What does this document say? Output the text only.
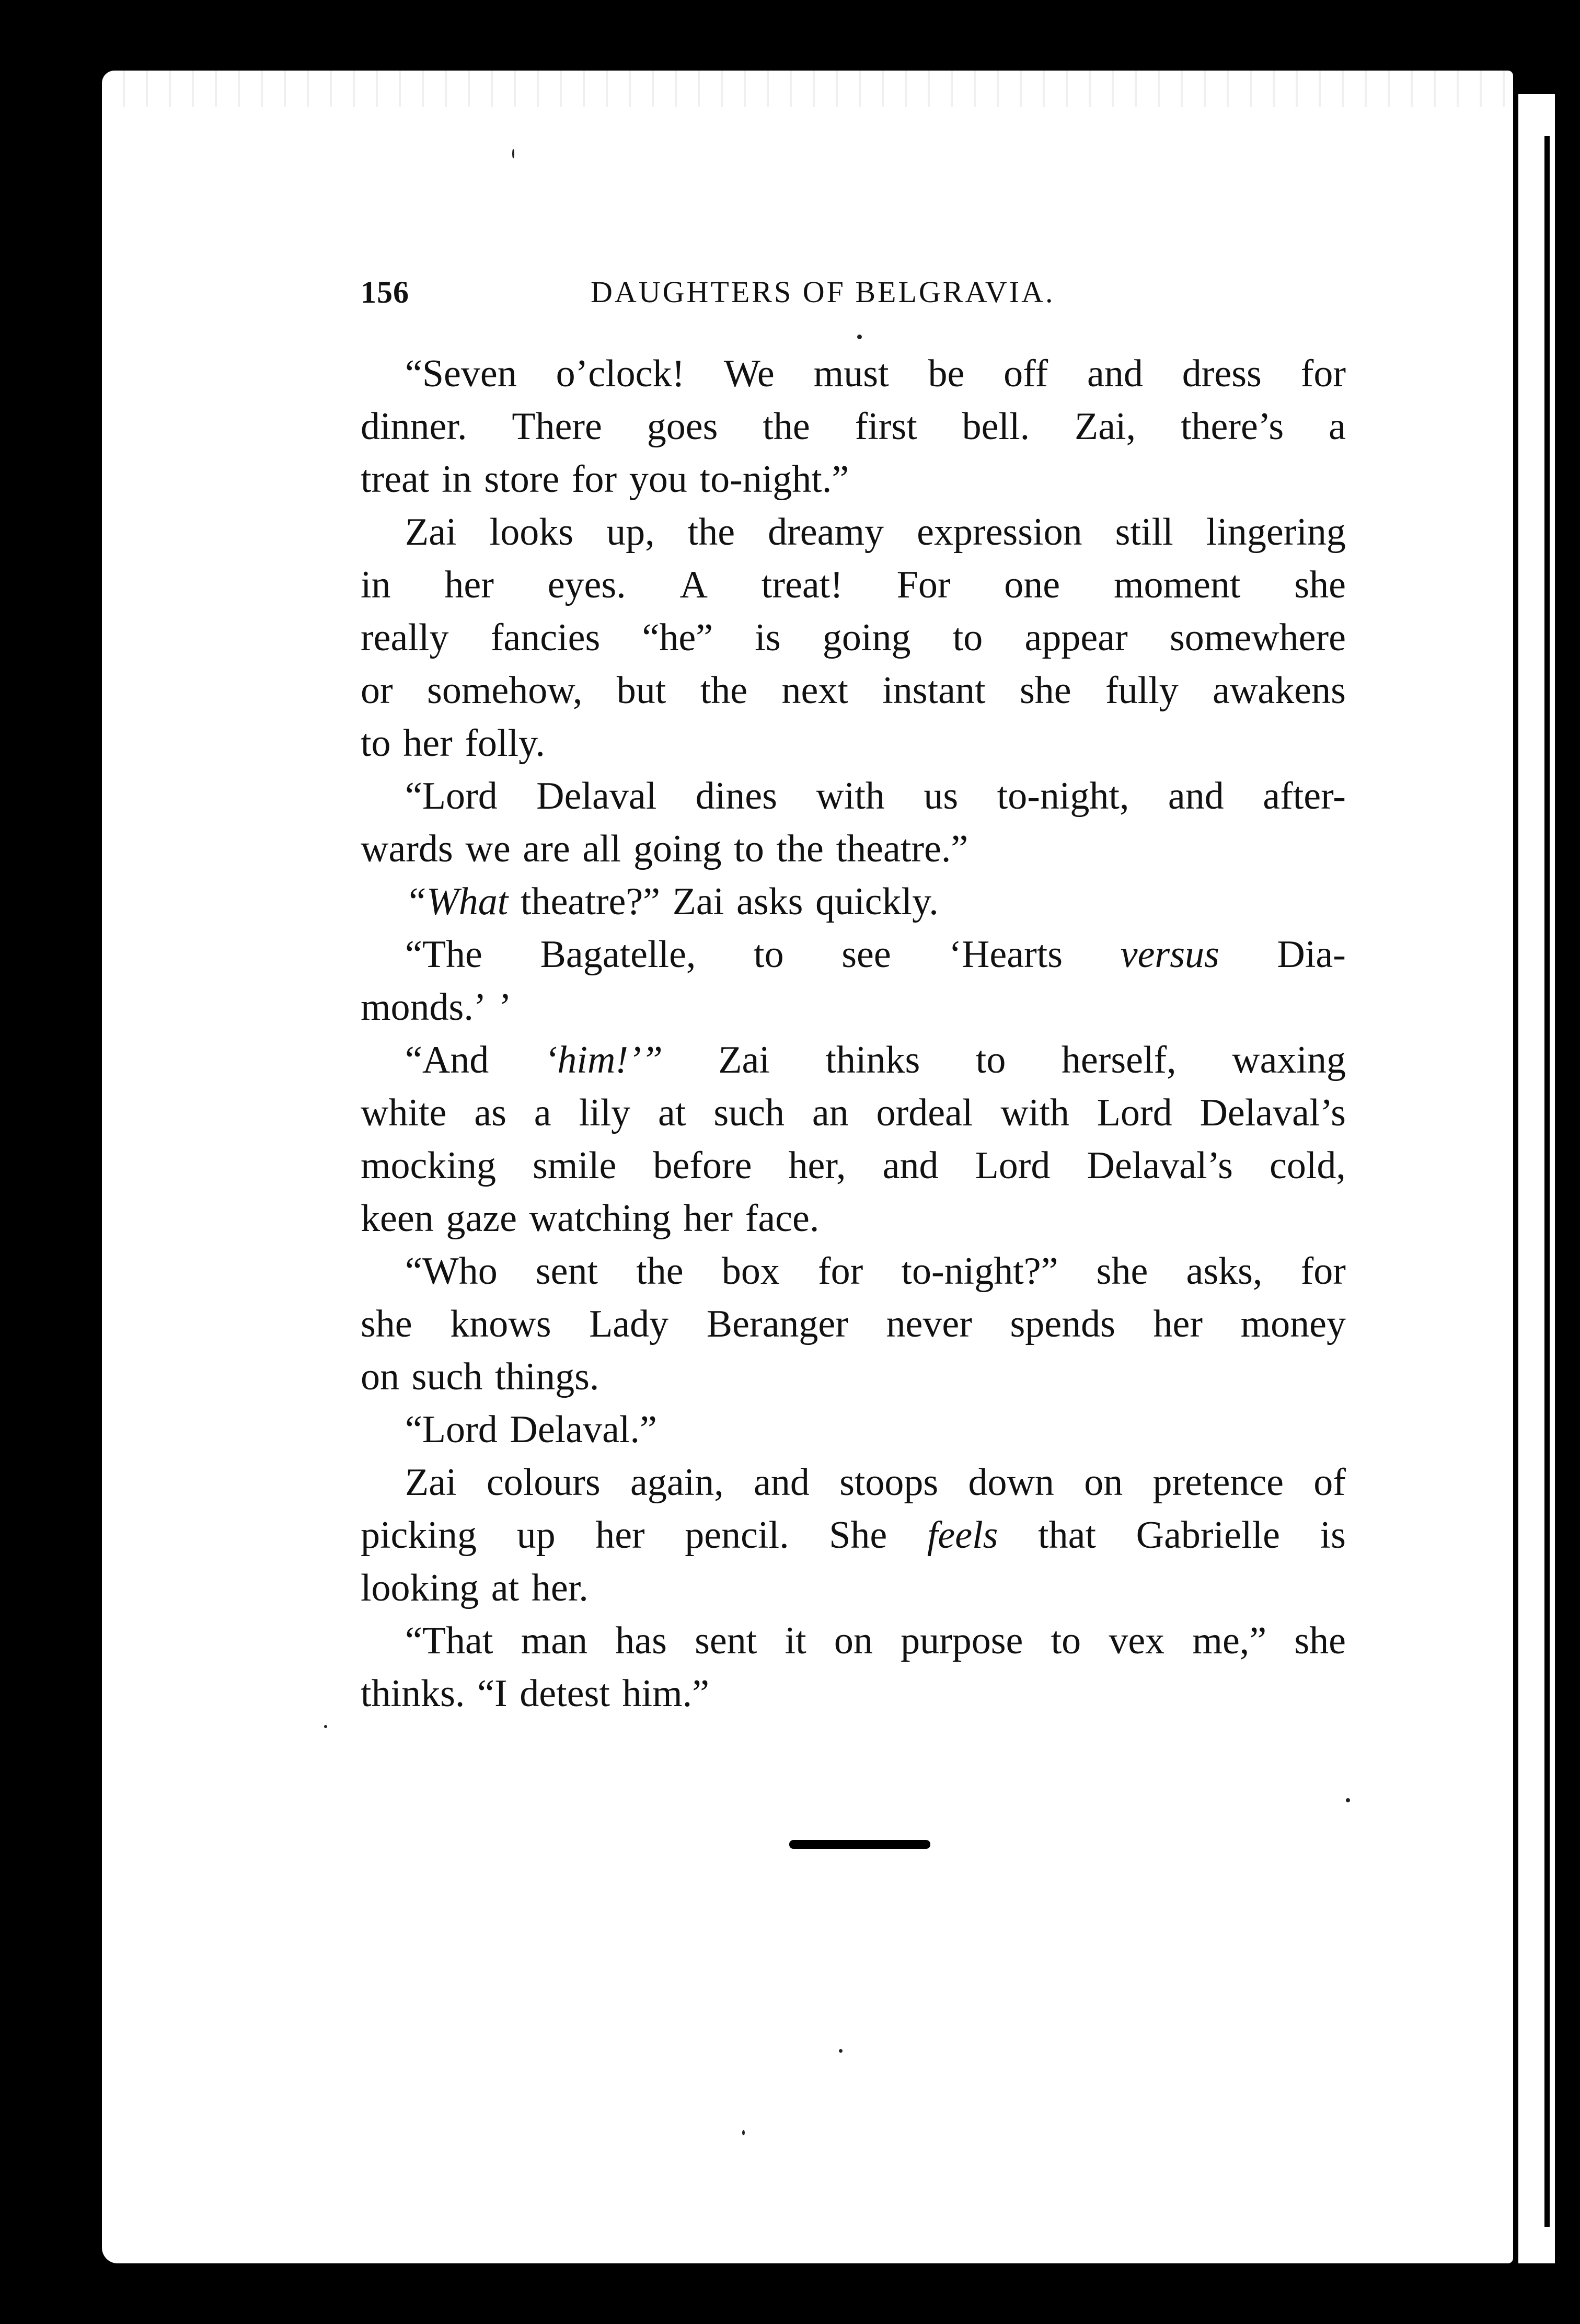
156	DAUGHTERS OF BELGRAVIA.
“Seven o’clock! We must be off and dress for
dinner. There goes the first bell. Zai, there’s a
treat in store for you to-night.”
Zai looks up, the dreamy expression still lingering
in her eyes. A treat! For one moment she
really fancies “he” is going to appear somewhere
or somehow, but the next instant she fully awakens
to her folly.
“Lord Delaval dines with us to-night, and after-
wards we are all going to the theatre.”
“What theatre?” Zai asks quickly.
“The Bagatelle, to see ‘Hearts versus Dia-
monds.’ ’
“And ‘him!’” Zai thinks to herself, waxing
white as a lily at such an ordeal with Lord Delaval’s
mocking smile before her, and Lord Delaval’s cold,
keen gaze watching her face.
“Who sent the box for to-night?” she asks, for
she knows Lady Beranger never spends her money
on such things.
“Lord Delaval.”
Zai colours again, and stoops down on pretence of
picking up her pencil. She feels that Gabrielle is
looking at her.
“That man has sent it on purpose to vex me,” she
thinks. “I detest him.”
